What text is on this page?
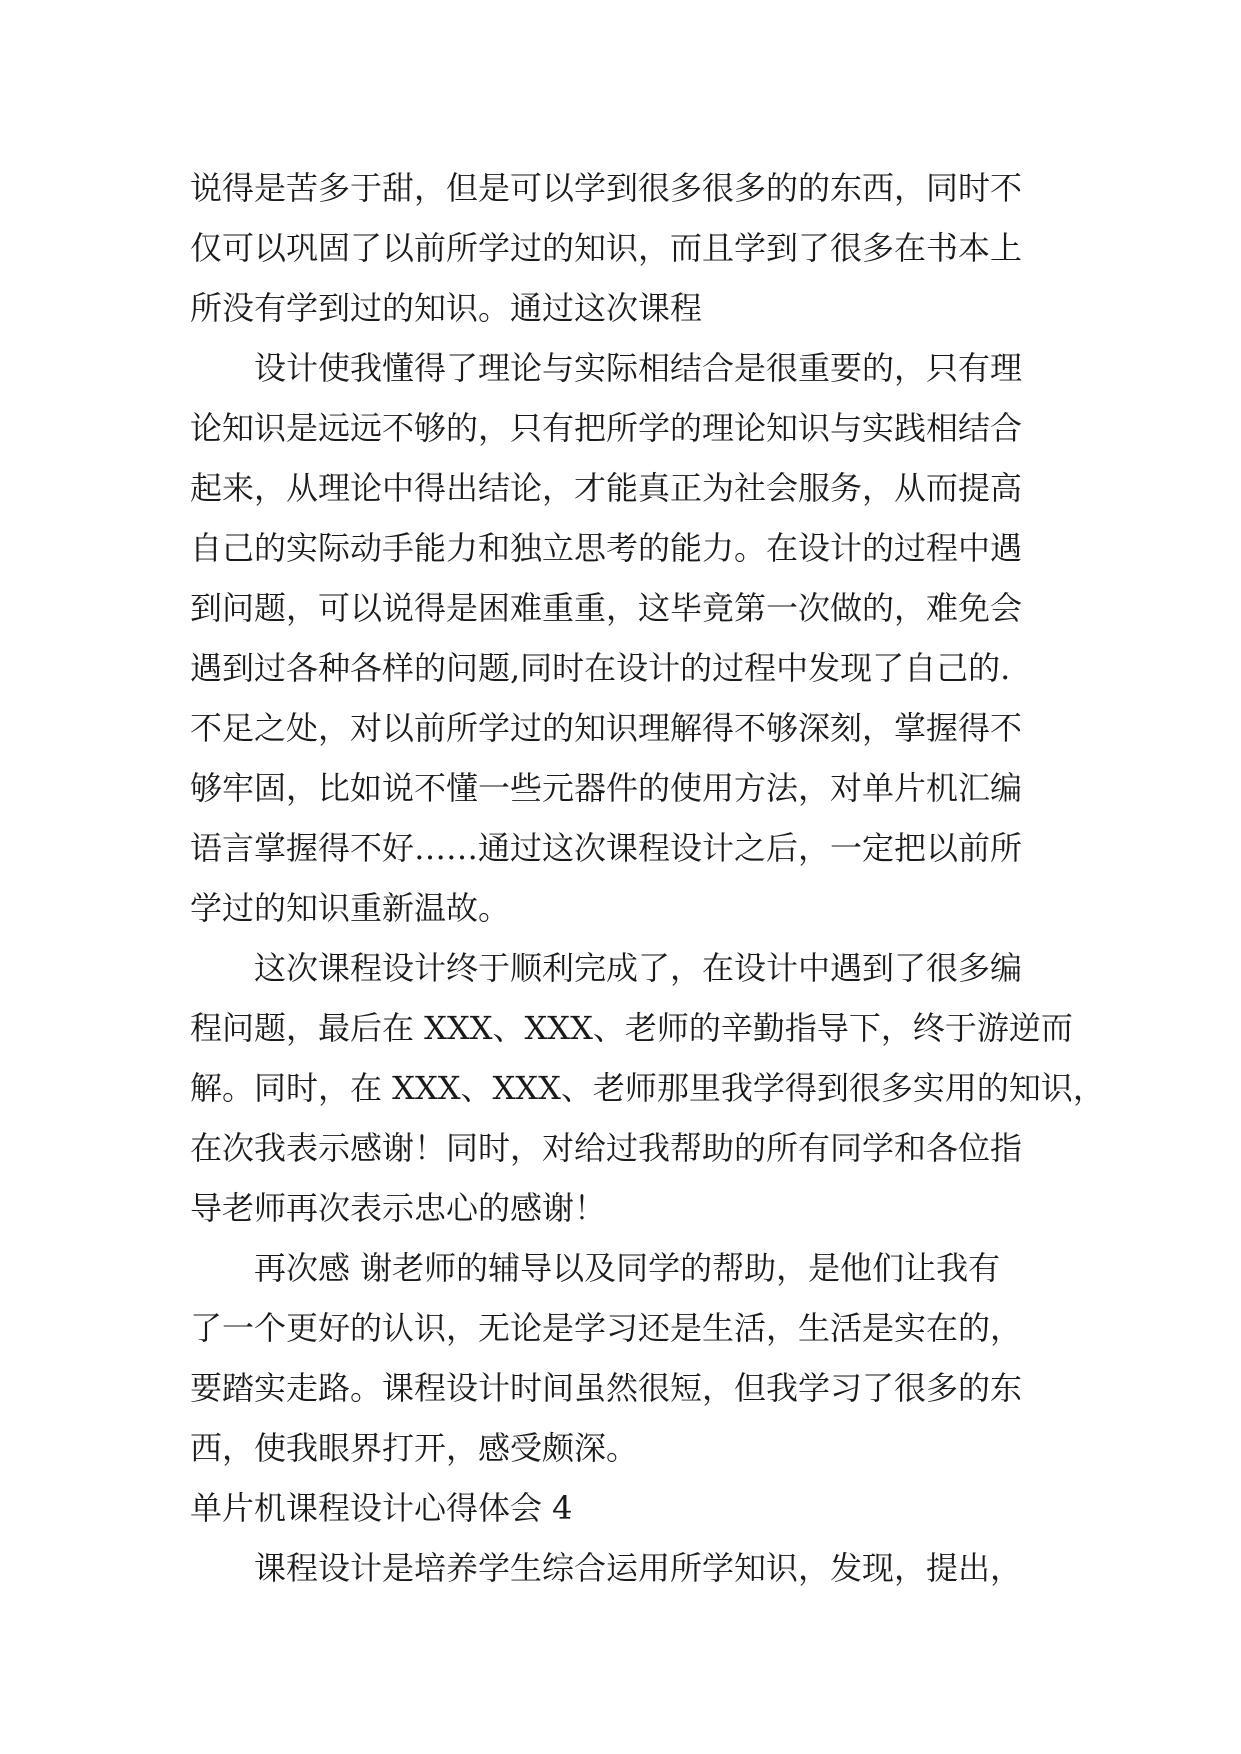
说得是苦多于甜，但是可以学到很多很多的的东西，同时不
仅可以巩固了以前所学过的知识，而且学到了很多在书本上
所没有学到过的知识。通过这次课程
设计使我懂得了理论与实际相结合是很重要的，只有理
论知识是远远不够的，只有把所学的理论知识与实践相结合
起来，从理论中得出结论，才能真正为社会服务，从而提高
自己的实际动手能力和独立思考的能力。在设计的过程中遇
到问题，可以说得是困难重重，这毕竟第一次做的，难免会
遇到过各种各样的问题,同时在设计的过程中发现了自己的.
不足之处，对以前所学过的知识理解得不够深刻，掌握得不
够牢固，比如说不懂一些元器件的使用方法，对单片机汇编
语言掌握得不好……通过这次课程设计之后，一定把以前所
学过的知识重新温故。
这次课程设计终于顺利完成了，在设计中遇到了很多编
程问题，最后在 XXX、XXX、老师的辛勤指导下，终于游逆而
解。同时，在 XXX、XXX、老师那里我学得到很多实用的知识，
在次我表示感谢！同时，对给过我帮助的所有同学和各位指
导老师再次表示忠心的感谢！
再次感 谢老师的辅导以及同学的帮助，是他们让我有
了一个更好的认识，无论是学习还是生活，生活是实在的，
要踏实走路。课程设计时间虽然很短，但我学习了很多的东
西，使我眼界打开，感受颇深。
单片机课程设计心得体会 4
课程设计是培养学生综合运用所学知识，发现，提出，
